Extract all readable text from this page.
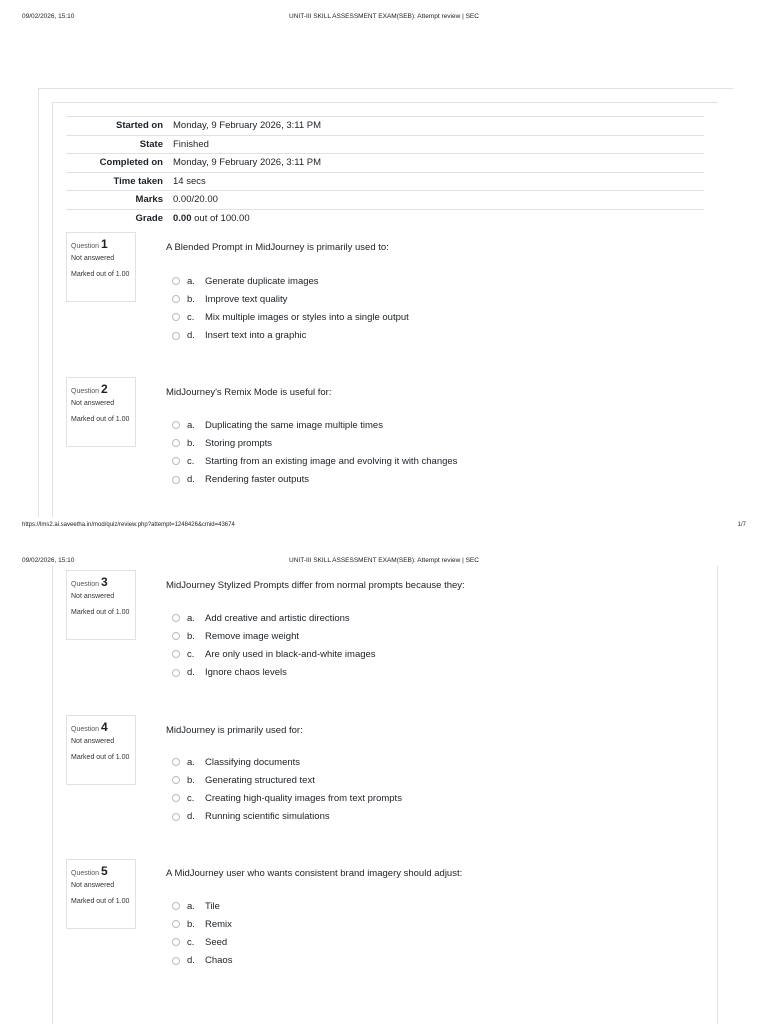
09/02/2026, 15:10	UNIT-III SKILL ASSESSMENT EXAM(SEB): Attempt review | SEC
Started on	Monday, 9 February 2026, 3:11 PM
State	Finished
Completed on	Monday, 9 February 2026, 3:11 PM
Time taken	14 secs
Marks	0.00/20.00
Grade	0.00 out of 100.00
Question 1
Not answered
Marked out of 1.00
A Blended Prompt in MidJourney is primarily used to:
a.	Generate duplicate images
b.	Improve text quality
c.	Mix multiple images or styles into a single output
d.	Insert text into a graphic
Question 2
Not answered
Marked out of 1.00
MidJourney's Remix Mode is useful for:
a.	Duplicating the same image multiple times
b.	Storing prompts
c.	Starting from an existing image and evolving it with changes
d.	Rendering faster outputs
https://lms2.ai.saveetha.in/mod/quiz/review.php?attempt=1248426&cmid=43674	1/7
09/02/2026, 15:10	UNIT-III SKILL ASSESSMENT EXAM(SEB): Attempt review | SEC
Question 3
Not answered
Marked out of 1.00
MidJourney Stylized Prompts differ from normal prompts because they:
a.	Add creative and artistic directions
b.	Remove image weight
c.	Are only used in black-and-white images
d.	Ignore chaos levels
Question 4
Not answered
Marked out of 1.00
MidJourney is primarily used for:
a.	Classifying documents
b.	Generating structured text
c.	Creating high-quality images from text prompts
d.	Running scientific simulations
Question 5
Not answered
Marked out of 1.00
A MidJourney user who wants consistent brand imagery should adjust:
a.	Tile
b.	Remix
c.	Seed
d.	Chaos
